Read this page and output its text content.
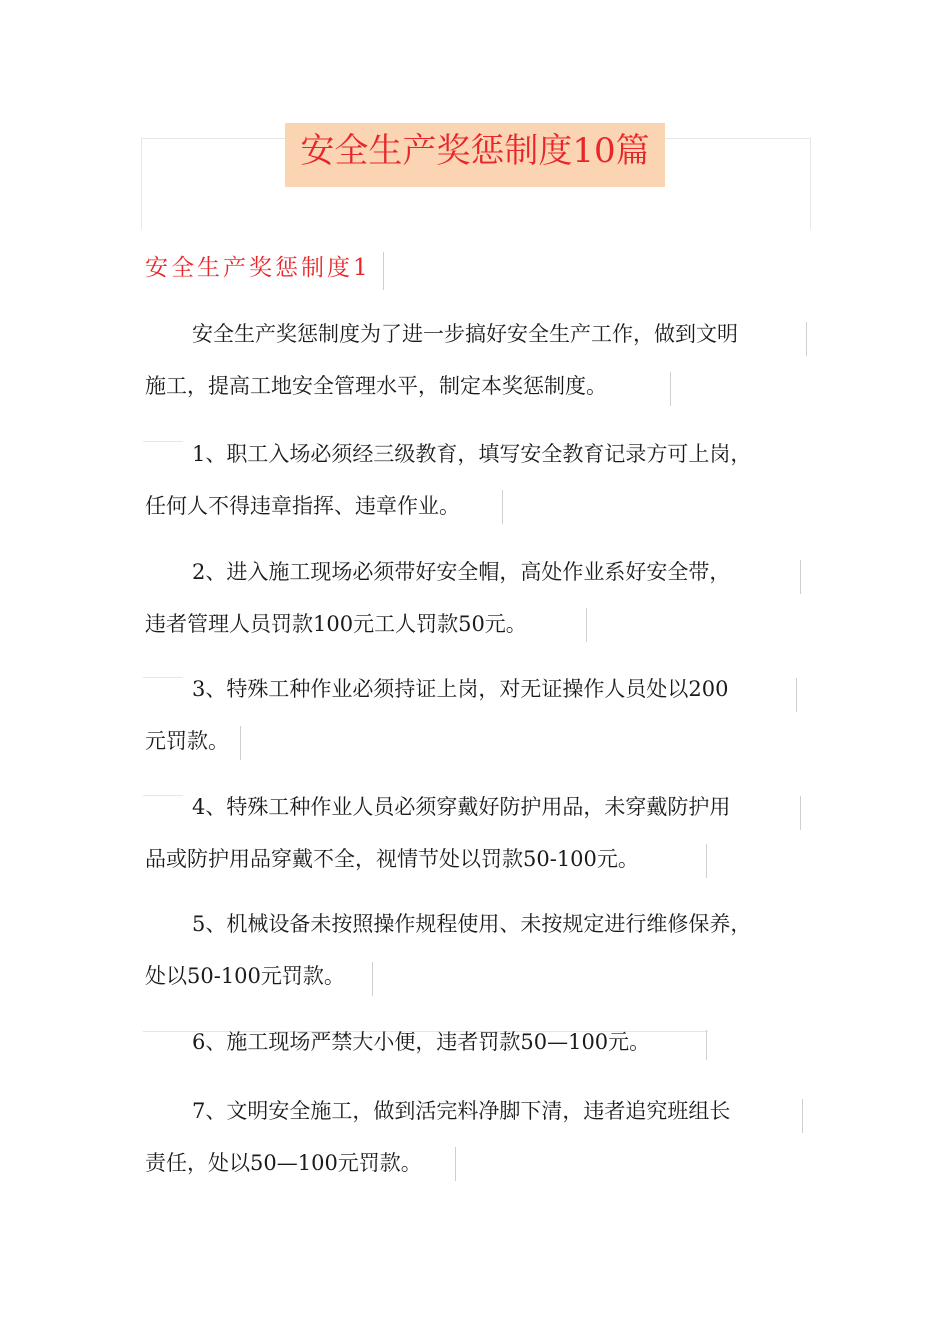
安全生产奖惩制度10篇
安全生产奖惩制度1
安全生产奖惩制度为了进一步搞好安全生产工作，做到文明
施工，提高工地安全管理水平，制定本奖惩制度。
1、职工入场必须经三级教育，填写安全教育记录方可上岗，
任何人不得违章指挥、违章作业。
2、进入施工现场必须带好安全帽，高处作业系好安全带，
违者管理人员罚款100元工人罚款50元。
3、特殊工种作业必须持证上岗，对无证操作人员处以200
元罚款。
4、特殊工种作业人员必须穿戴好防护用品，未穿戴防护用
品或防护用品穿戴不全，视情节处以罚款50-100元。
5、机械设备未按照操作规程使用、未按规定进行维修保养，
处以50-100元罚款。
6、施工现场严禁大小便，违者罚款50—100元。
7、文明安全施工，做到活完料净脚下清，违者追究班组长
责任，处以50—100元罚款。
